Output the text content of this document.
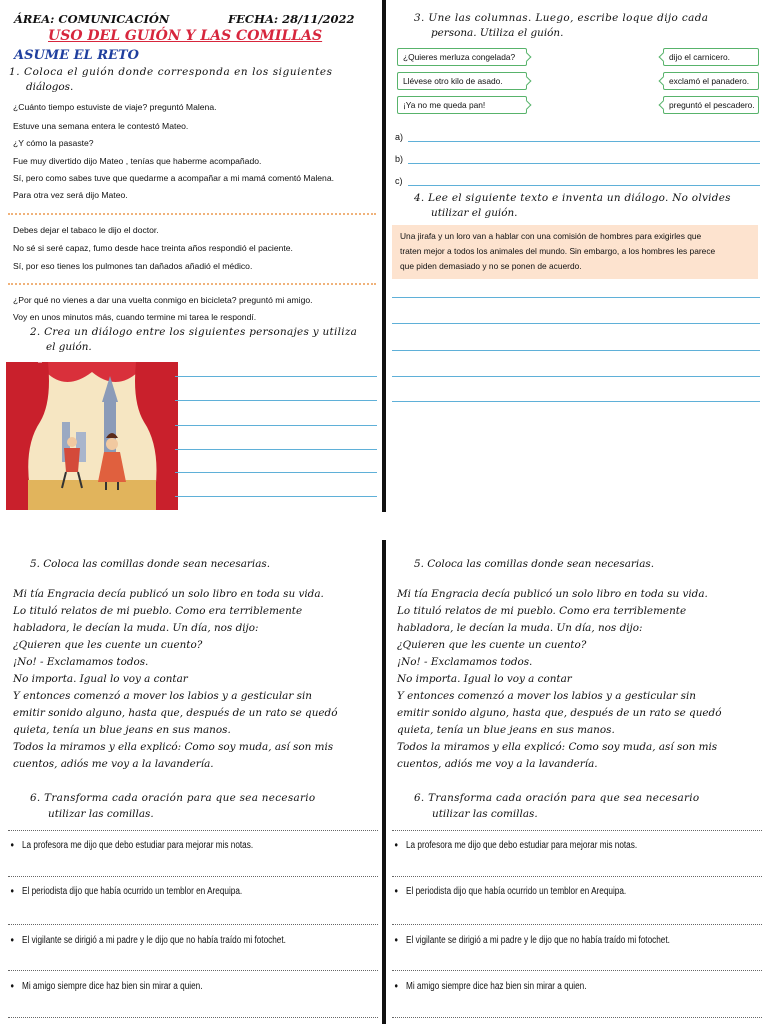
ÁREA: COMUNICACIÓN	FECHA: 28/11/2022
USO DEL GUIÓN Y LAS COMILLAS
ASUME EL RETO
1. Coloca el guión donde corresponda en los siguientes
diálogos.
¿Cuánto tiempo estuviste de viaje? preguntó Malena.
Estuve una semana entera le contestó Mateo.
¿Y cómo la pasaste?
Fue muy divertido dijo Mateo , tenías que haberme acompañado.
Sí, pero como sabes tuve que quedarme a acompañar a mi mamá comentó Malena.
Para otra vez será dijo Mateo.
Debes dejar el tabaco le dijo el doctor.
No sé si seré capaz, fumo desde hace treinta años respondió el paciente.
Sí, por eso tienes los pulmones tan dañados añadió el médico.
¿Por qué no vienes a dar una vuelta conmigo en bicicleta? preguntó mi amigo.
Voy en unos minutos más, cuando termine mi tarea le respondí.
2. Crea un diálogo entre los siguientes personajes y utiliza
el guión.
3. Une las columnas. Luego, escribe loque dijo cada
persona. Utiliza el guión.
¿Quieres merluza congelada?
Llévese otro kilo de asado.
¡Ya no me queda pan!
dijo el carnicero.
exclamó el panadero.
preguntó el pescadero.
a)
b)
c)
4. Lee el siguiente texto e inventa un diálogo. No olvides
utilizar el guión.
Una jirafa y un loro van a hablar con una comisión de hombres para exigirles que
traten mejor a todos los animales del mundo. Sin embargo, a los hombres les parece
que piden demasiado y no se ponen de acuerdo.
5. Coloca las comillas donde sean necesarias.

Mi tía Engracia decía publicó un solo libro en toda su vida.

Lo tituló relatos de mi pueblo. Como era terriblemente

habladora, le decían la muda. Un día, nos dijo:

¿Quieren que les cuente un cuento?

¡No! - Exclamamos todos.

No importa. Igual lo voy a contar

Y entonces comenzó a mover los labios y a gesticular sin

emitir sonido alguno, hasta que, después de un rato se quedó

quieta, tenía un blue jeans en sus manos.

Todos la miramos y ella explicó: Como soy muda, así son mis

cuentos, adiós me voy a la lavandería.

6. Transforma cada oración para que sea necesario
utilizar las comillas.
• La profesora me dijo que debo estudiar para mejorar mis notas.
• El periodista dijo que había ocurrido un temblor en Arequipa.
• El vigilante se dirigió a mi padre y le dijo que no había traído mi fotochet.
• Mi amigo siempre dice haz bien sin mirar a quien.
5. Coloca las comillas donde sean necesarias.

Mi tía Engracia decía publicó un solo libro en toda su vida.

Lo tituló relatos de mi pueblo. Como era terriblemente

habladora, le decían la muda. Un día, nos dijo:

¿Quieren que les cuente un cuento?

¡No! - Exclamamos todos.

No importa. Igual lo voy a contar

Y entonces comenzó a mover los labios y a gesticular sin

emitir sonido alguno, hasta que, después de un rato se quedó

quieta, tenía un blue jeans en sus manos.

Todos la miramos y ella explicó: Como soy muda, así son mis

cuentos, adiós me voy a la lavandería.

6. Transforma cada oración para que sea necesario
utilizar las comillas.
• La profesora me dijo que debo estudiar para mejorar mis notas.
• El periodista dijo que había ocurrido un temblor en Arequipa.
• El vigilante se dirigió a mi padre y le dijo que no había traído mi fotochet.
• Mi amigo siempre dice haz bien sin mirar a quien.
